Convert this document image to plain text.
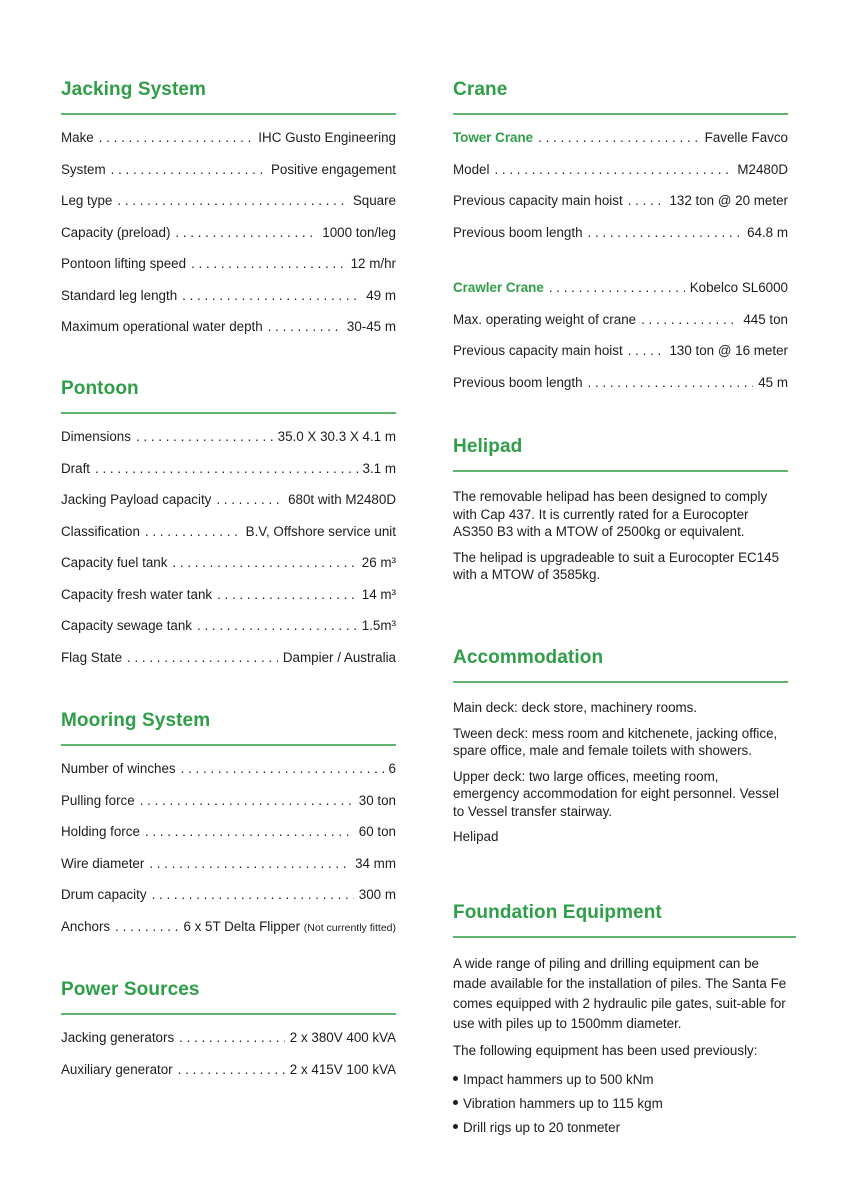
Jacking System
Make . . .	IHC Gusto Engineering
System . . .	Positive engagement
Leg type . . .	Square
Capacity (preload) . . .	1000 ton/leg
Pontoon lifting speed . . .	12 m/hr
Standard leg length . . .	49 m
Maximum operational water depth . . .	30-45 m
Pontoon
Dimensions . . .	35.0 X 30.3 X 4.1 m
Draft . . .	3.1 m
Jacking Payload capacity . . .	680t with M2480D
Classification . . .	B.V, Offshore service unit
Capacity fuel tank . . .	26 m³
Capacity fresh water tank . . .	14 m³
Capacity sewage tank . . .	1.5m³
Flag State . . .	Dampier / Australia
Mooring System
Number of winches . . .	6
Pulling force . . .	30 ton
Holding force . . .	60 ton
Wire diameter . . .	34 mm
Drum capacity . . .	300 m
Anchors . . .	6 x 5T Delta Flipper (Not currently fitted)
Power Sources
Jacking generators . . .	2 x 380V 400 kVA
Auxiliary generator . . .	2 x 415V 100 kVA
Crane
Tower Crane . . .	Favelle Favco
Model . . .	M2480D
Previous capacity main hoist . . .	132 ton @ 20 meter
Previous boom length . . .	64.8 m
Crawler Crane . . .	Kobelco SL6000
Max. operating weight of crane . . .	445 ton
Previous capacity main hoist . . .	130 ton @ 16 meter
Previous boom length . . .	45 m
Helipad

The removable helipad has been designed to comply with Cap 437. It is currently rated for a Eurocopter AS350 B3 with a MTOW of 2500kg or equivalent.

The helipad is upgradeable to suit a Eurocopter EC145 with a MTOW of 3585kg.

Accommodation

Main deck: deck store, machinery rooms.

Tween deck: mess room and kitchenete, jacking office, spare office, male and female toilets with showers.

Upper deck: two large offices, meeting room, emergency accommodation for eight personnel. Vessel to Vessel transfer stairway.

Helipad

Foundation Equipment

A wide range of piling and drilling equipment can be made available for the installation of piles. The Santa Fe comes equipped with 2 hydraulic pile gates, suit-able for use with piles up to 1500mm diameter.

The following equipment has been used previously:

Impact hammers up to 500 kNm
Vibration hammers up to 115 kgm
Drill rigs up to 20 tonmeter
